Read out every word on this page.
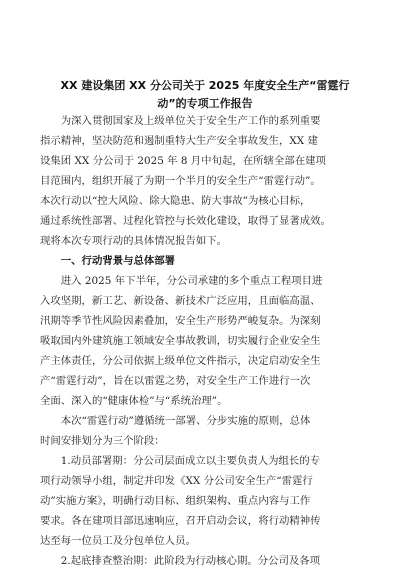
XX 建设集团 XX 分公司关于 2025 年度安全生产“雷霆行
动”的专项工作报告
　　为深入贯彻国家及上级单位关于安全生产工作的系列重要
指示精神，坚决防范和遏制重特大生产安全事故发生，XX 建
设集团 XX 分公司于 2025 年 8 月中旬起，在所辖全部在建项
目范围内，组织开展了为期一个半月的安全生产“雷霆行动”。
本次行动以“控大风险、除大隐患、防大事故”为核心目标，
通过系统性部署、过程化管控与长效化建设，取得了显著成效。
现将本次专项行动的具体情况报告如下。
　　一、行动背景与总体部署
　　进入 2025 年下半年，分公司承建的多个重点工程项目进
入攻坚期，新工艺、新设备、新技术广泛应用，且面临高温、
汛期等季节性风险因素叠加，安全生产形势严峻复杂。为深刻
吸取国内外建筑施工领域安全事故教训，切实履行企业安全生
产主体责任，分公司依据上级单位文件指示，决定启动安全生
产“雷霆行动”，旨在以雷霆之势，对安全生产工作进行一次
全面、深入的“健康体检”与“系统治理”。
　　本次“雷霆行动”遵循统一部署、分步实施的原则，总体
时间安排划分为三个阶段：
　　1.动员部署期：分公司层面成立以主要负责人为组长的专
项行动领导小组，制定并印发《XX 分公司安全生产“雷霆行
动”实施方案》，明确行动目标、组织架构、重点内容与工作
要求。各在建项目部迅速响应，召开启动会议，将行动精神传
达至每一位员工及分包单位人员。
　　2.起底排查整治期：此阶段为行动核心期。分公司及各项
